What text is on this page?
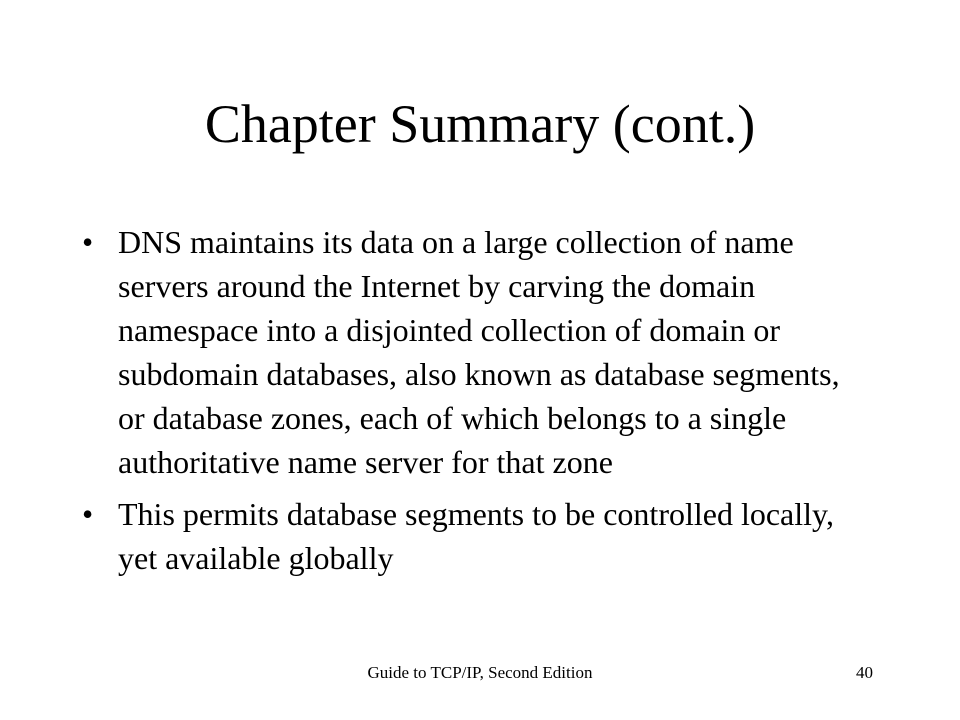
Chapter Summary (cont.)
• DNS maintains its data on a large collection of name servers around the Internet by carving the domain namespace into a disjointed collection of domain or subdomain databases, also known as database segments, or database zones, each of which belongs to a single authoritative name server for that zone
• This permits database segments to be controlled locally, yet available globally
Guide to TCP/IP, Second Edition	40
